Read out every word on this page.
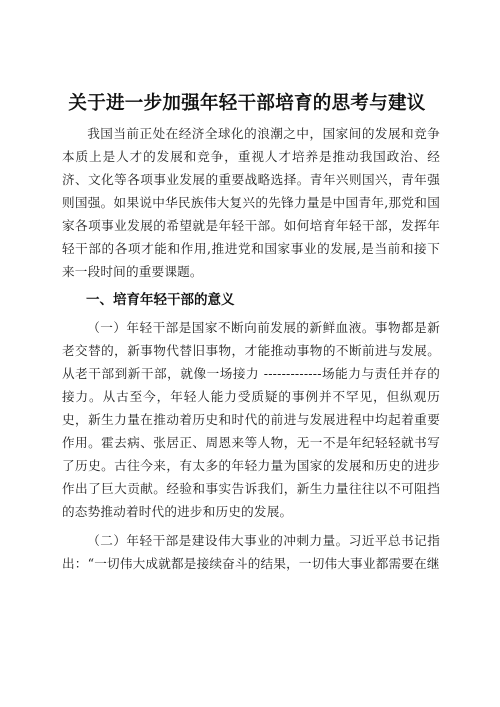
关于进一步加强年轻干部培育的思考与建议

我国当前正处在经济全球化的浪潮之中，国家间的发展和竞争本质上是人才的发展和竞争，重视人才培养是推动我国政治、经济、文化等各项事业发展的重要战略选择。青年兴则国兴，青年强则国强。如果说中华民族伟大复兴的先锋力量是中国青年,那党和国家各项事业发展的希望就是年轻干部。如何培育年轻干部，发挥年轻干部的各项才能和作用,推进党和国家事业的发展,是当前和接下来一段时间的重要课题。

一、培育年轻干部的意义

（一）年轻干部是国家不断向前发展的新鲜血液。事物都是新老交替的，新事物代替旧事物，才能推动事物的不断前进与发展。从老干部到新干部，就像一场接力 -------------场能力与责任并存的接力。从古至今，年轻人能力受质疑的事例并不罕见，但纵观历史，新生力量在推动着历史和时代的前进与发展进程中均起着重要作用。霍去病、张居正、周恩来等人物，无一不是年纪轻轻就书写了历史。古往今来，有太多的年轻力量为国家的发展和历史的进步作出了巨大贡献。经验和事实告诉我们，新生力量往往以不可阻挡的态势推动着时代的进步和历史的发展。

（二）年轻干部是建设伟大事业的冲刺力量。习近平总书记指出：“一切伟大成就都是接续奋斗的结果，一切伟大事业都需要在继
